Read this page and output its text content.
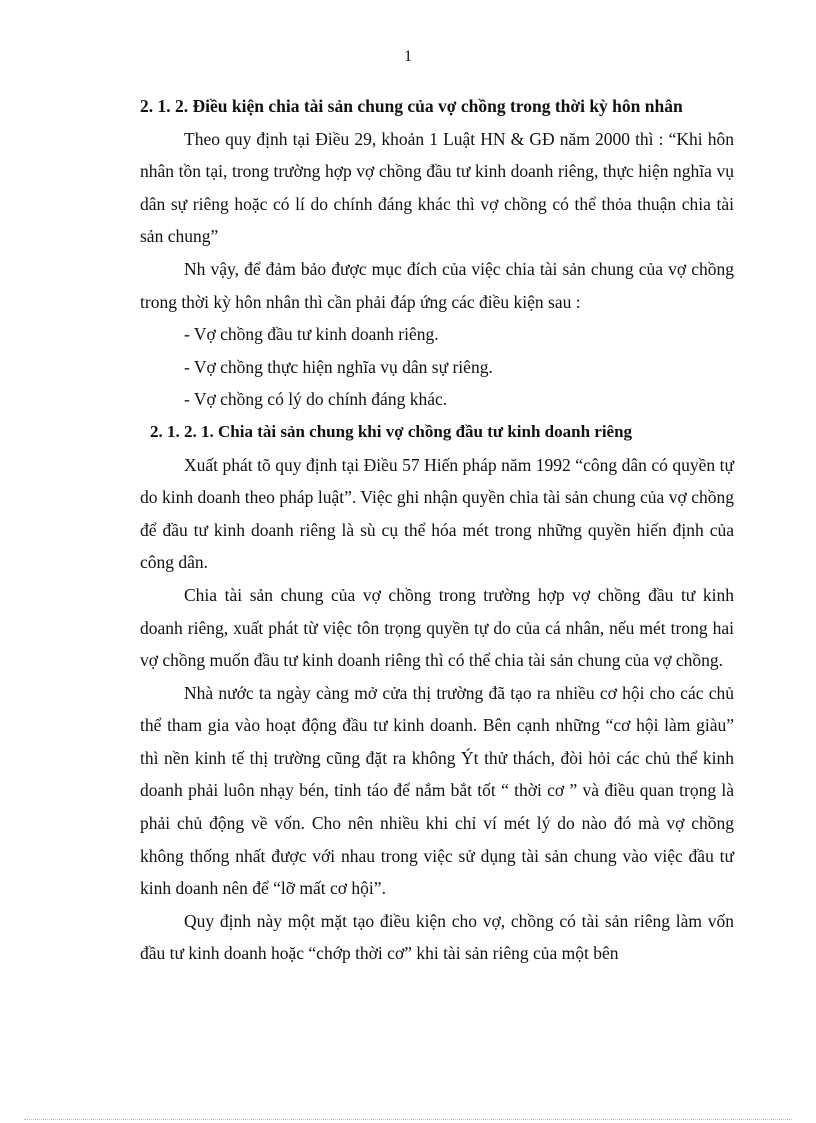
1

2. 1. 2. Điều kiện chia tài sản chung của vợ chồng trong thời kỳ hôn nhân

Theo quy định tại Điều 29, khoản 1 Luật HN & GĐ năm 2000 thì : “Khi hôn nhân tồn tại, trong trường hợp vợ chồng đầu tư kinh doanh riêng, thực hiện nghĩa vụ dân sự riêng hoặc có lí do chính đáng khác thì vợ chồng có thể thỏa thuận chia tài sản chung”

Nh vậy, để đảm bảo được mục đích của việc chia tài sản chung của vợ chồng trong thời kỳ hôn nhân thì cần phải đáp ứng các điều kiện sau :

- Vợ chồng đầu tư kinh doanh riêng.

- Vợ chồng thực hiện nghĩa vụ dân sự riêng.

- Vợ chồng có lý do chính đáng khác.

2. 1. 2. 1. Chia tài sản chung khi vợ chồng đầu tư kinh doanh riêng

Xuất phát tõ quy định tại Điều 57 Hiến pháp năm 1992 “công dân có quyền tự do kinh doanh theo pháp luật”. Việc ghi nhận quyền chia tài sản chung của vợ chồng để đầu tư kinh doanh riêng là sù cụ thể hóa mét trong những quyền hiến định của công dân.

Chia tài sản chung của vợ chồng trong trường hợp vợ chồng đầu tư kinh doanh riêng, xuất phát từ việc tôn trọng quyền tự do của cá nhân, nếu mét trong hai vợ chồng muốn đầu tư kinh doanh riêng thì có thể chia tài sản chung của vợ chồng.

Nhà nước ta ngày càng mở cửa thị trường đã tạo ra nhiều cơ hội cho các chủ thể tham gia vào hoạt động đầu tư kinh doanh. Bên cạnh những “cơ hội làm giàu” thì nền kinh tế thị trường cũng đặt ra không Ýt thử thách, đòi hỏi các chủ thể kinh doanh phải luôn nhạy bén, tỉnh táo để nắm bắt tốt “ thời cơ ” và điều quan trọng là phải chủ động về vốn. Cho nên nhiều khi chỉ ví mét lý do nào đó mà vợ chồng không thống nhất được với nhau trong việc sử dụng tài sản chung vào việc đầu tư kinh doanh nên để “lỡ mất cơ hội”.

Quy định này một mặt tạo điều kiện cho vợ, chồng có tài sản riêng làm vốn đầu tư kinh doanh hoặc “chớp thời cơ” khi tài sản riêng của một bên
